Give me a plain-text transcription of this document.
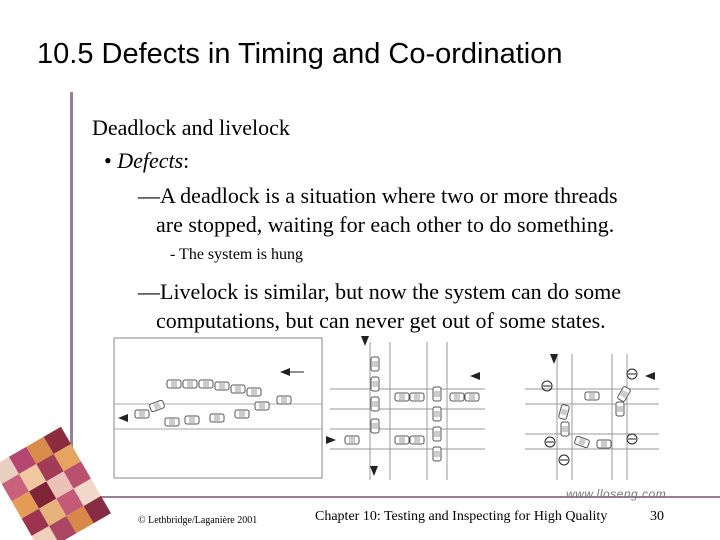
10.5 Defects in Timing and Co-ordination
Deadlock and livelock
• Defects:
—A deadlock is a situation where two or more threads
are stopped, waiting for each other to do something.
- The system is hung
—Livelock is similar, but now the system can do some
computations, but can never get out of some states.
www.lloseng.com
© Lethbridge/Laganière 2001	Chapter 10: Testing and Inspecting for High Quality	30
